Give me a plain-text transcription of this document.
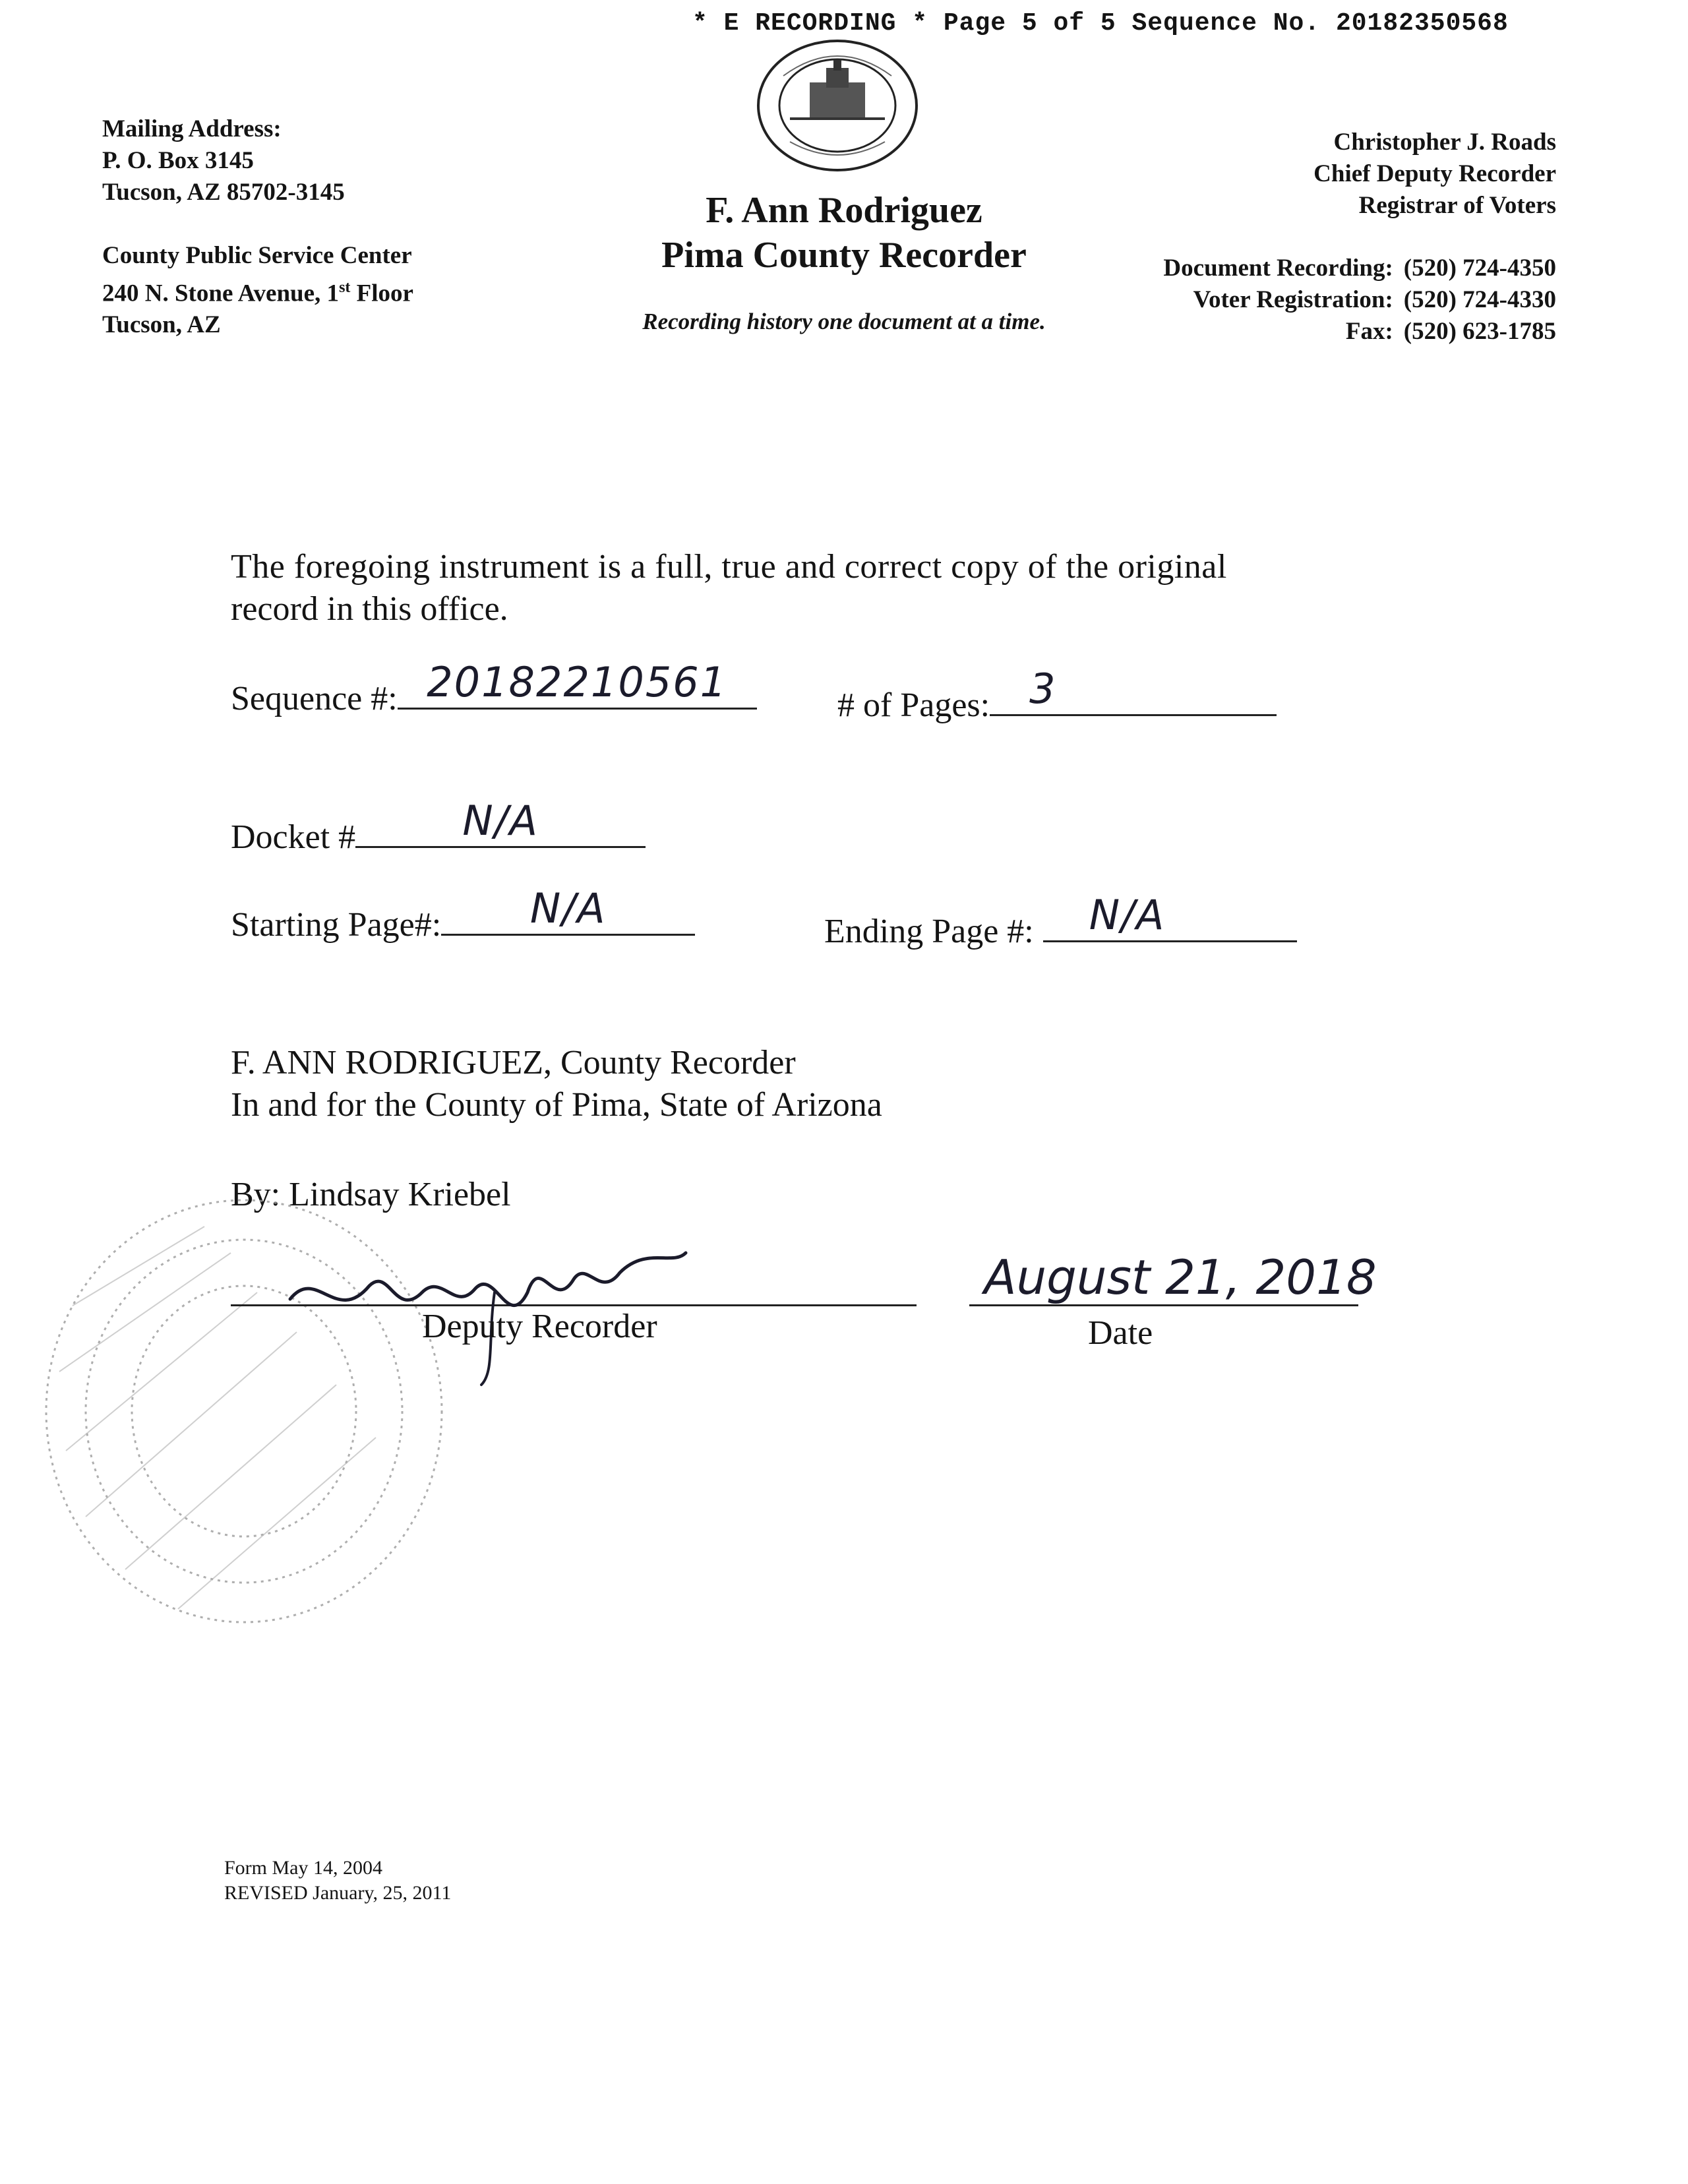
* E RECORDING * Page 5 of 5 Sequence No. 20182350568
Mailing Address:
P. O. Box 3145
Tucson, AZ 85702-3145
County Public Service Center
240 N. Stone Avenue, 1st Floor
Tucson, AZ
F. Ann Rodriguez
Pima County Recorder
Recording history one document at a time.
Christopher J. Roads
Chief Deputy Recorder
Registrar of Voters
Document Recording:	(520) 724-4350
Voter Registration:	(520) 724-4330
Fax:	(520) 623-1785
The foregoing instrument is a full, true and correct copy of the original
record in this office.
Sequence #: 20182210561	# of Pages: 3
Docket #	N/A
Starting Page#:	N/A	Ending Page #:	N/A
F. ANN RODRIGUEZ, County Recorder
In and for the County of Pima, State of Arizona
By: Lindsay Kriebel
Deputy Recorder
August 21, 2018
Date
Form May 14, 2004
REVISED January, 25, 2011
